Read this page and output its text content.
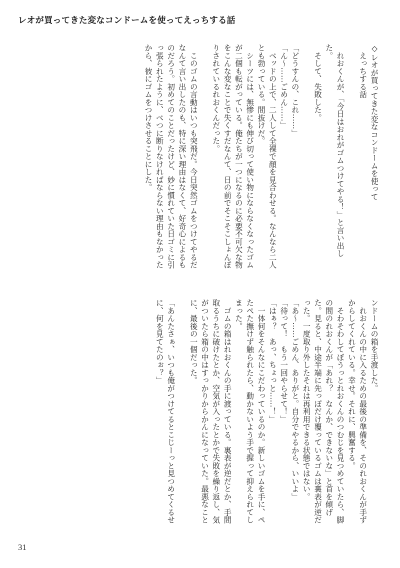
レオが買ってきた変なコンドームを使ってえっちする話
◇レオが買ってきた変なコンドームを使って
　えっちする話

　れおくんが、「今日はおれがゴムつけてやる！」と言い出した。
　そして、失敗した。

「どうすんの、これ……」
「ん～……ごめん……」
　ベッドの上で、二人して全裸で顔を見合わせる。なんなら二人とも勃っている。間抜けだ。
　シーツには、無惨にも伸び切って使い物にならなくなったゴムが二個も転がっている。俺たちが一つになるのに必要不可欠な物をこんな変なことで失くすだなんて、日の前でそこそこしょんぼりされているれおくんだった。

　このゴムの言動はいつも突飛だ。今日突然ゴムをつけてやるだなんて言い出したのも、特に深い理由はなくて、好奇心によるものだろう。初めてのことだったけど、妙に慣れていた日ゴミに引っ張られたように、べつに断りなければならない理由もなかったから、彼にゴムをつけさせることにした。
ンドームの箱を手渡した。
　れおくんの中に入るための最後の準備を、そのれおくんが手ずからしてくれている。幸せ。それに、興奮する。
　そわそわしてぼうっとれおくんのつむじを見つめていたら、脚の間のれおくんが「あれ？　なんか、できないな」と首を傾げた。見ると、中途半端に先っぽだけ覆っているゴムは裏表が逆だった。一度取り外したそれは再利用できる状態ではない。
「あ～……ごめん、ありがと。自分でやるから、いいよ」
「待って！　もう一回やらせて！」
「はぁ？　あっ、ちょっと……！」
　一体何をそんなにこだわっているのか。新しいゴムを手に、ペたぺた撫けず触られたら、動かないよう手で握って抑えられてしまった。
　ゴムの箱はれおくんの手に渡っている。裏表が逆だとか、手間取るうちに破けたとか、空気が入ったとかで失敗を繰り返し、気がついたら箱の中はすっかりからかんになっていた。最悪なことに、最後の一個だった。

「あんたさぁ、いつも俺がつけてるとこじーっと見つめてくるせに、何を見てたのぉ？」
31
